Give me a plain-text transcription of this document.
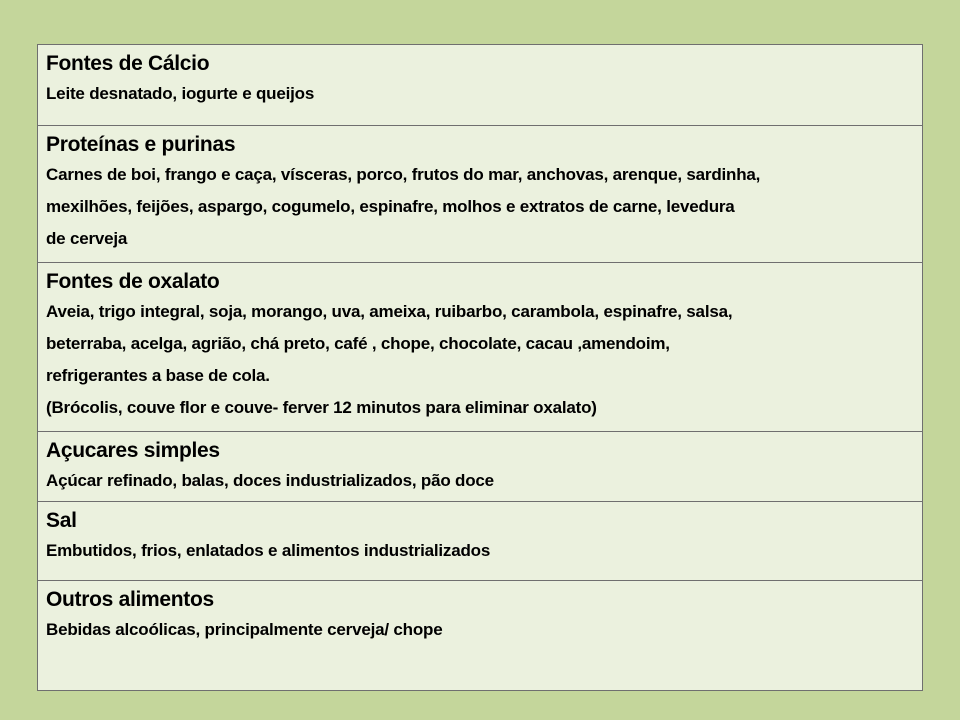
Fontes de Cálcio
Leite desnatado, iogurte e queijos
Proteínas e purinas
Carnes de boi, frango e caça, vísceras, porco, frutos do mar, anchovas, arenque, sardinha,
mexilhões, feijões, aspargo, cogumelo, espinafre, molhos e extratos de carne, levedura
de cerveja
Fontes de oxalato
Aveia, trigo integral, soja, morango, uva, ameixa, ruibarbo, carambola, espinafre, salsa,
beterraba, acelga, agrião, chá preto, café , chope, chocolate, cacau ,amendoim,
refrigerantes a base de cola.
(Brócolis, couve flor e couve- ferver 12 minutos para eliminar oxalato)
Açucares simples
Açúcar refinado, balas, doces industrializados, pão doce
Sal
Embutidos, frios, enlatados e alimentos industrializados
Outros alimentos
Bebidas alcoólicas, principalmente cerveja/ chope
